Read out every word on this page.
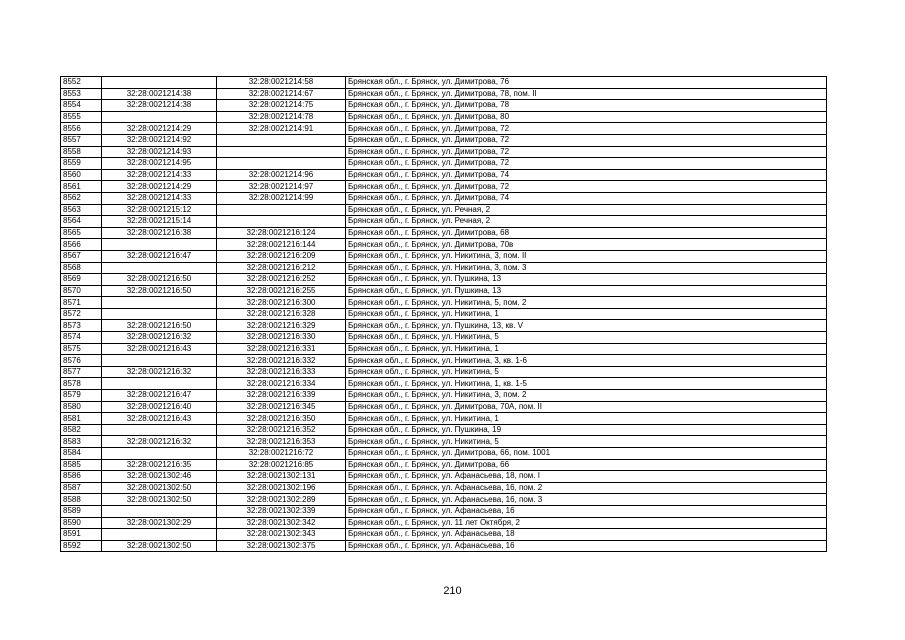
8552		32:28:0021214:58	Брянская обл., г. Брянск, ул. Димитрова, 76
8553	32:28:0021214:38	32:28:0021214:67	Брянская обл., г. Брянск, ул. Димитрова, 78, пом. II
8554	32:28:0021214:38	32:28:0021214:75	Брянская обл., г. Брянск, ул. Димитрова, 78
8555		32:28:0021214:78	Брянская обл., г. Брянск, ул. Димитрова, 80
8556	32:28:0021214:29	32:28:0021214:91	Брянская обл., г. Брянск, ул. Димитрова, 72
8557	32:28:0021214:92		Брянская обл., г. Брянск, ул. Димитрова, 72
8558	32:28:0021214:93		Брянская обл., г. Брянск, ул. Димитрова, 72
8559	32:28:0021214:95		Брянская обл., г. Брянск, ул. Димитрова, 72
8560	32:28:0021214:33	32:28:0021214:96	Брянская обл., г. Брянск, ул. Димитрова, 74
8561	32:28:0021214:29	32:28:0021214:97	Брянская обл., г. Брянск, ул. Димитрова, 72
8562	32:28:0021214:33	32:28:0021214:99	Брянская обл., г. Брянск, ул. Димитрова, 74
8563	32:28:0021215:12		Брянская обл., г. Брянск, ул. Речная, 2
8564	32:28:0021215:14		Брянская обл., г. Брянск, ул. Речная, 2
8565	32:28:0021216:38	32:28:0021216:124	Брянская обл., г. Брянск, ул. Димитрова, 68
8566		32:28:0021216:144	Брянская обл., г. Брянск, ул. Димитрова, 70в
8567	32:28:0021216:47	32:28:0021216:209	Брянская обл., г. Брянск, ул. Никитина, 3, пом. II
8568		32:28:0021216:212	Брянская обл., г. Брянск, ул. Никитина, 3, пом. 3
8569	32:28:0021216:50	32:28:0021216:252	Брянская обл., г. Брянск, ул. Пушкина, 13
8570	32:28:0021216:50	32:28:0021216:255	Брянская обл., г. Брянск, ул. Пушкина, 13
8571		32:28:0021216:300	Брянская обл., г. Брянск, ул. Никитина, 5, пом. 2
8572		32:28:0021216:328	Брянская обл., г. Брянск, ул. Никитина, 1
8573	32:28:0021216:50	32:28:0021216:329	Брянская обл., г. Брянск, ул. Пушкина, 13, кв. V
8574	32:28:0021216:32	32:28:0021216:330	Брянская обл., г. Брянск, ул. Никитина, 5
8575	32:28:0021216:43	32:28:0021216:331	Брянская обл., г. Брянск, ул. Никитина, 1
8576		32:28:0021216:332	Брянская обл., г. Брянск, ул. Никитина, 3, кв. 1-6
8577	32:28:0021216:32	32:28:0021216:333	Брянская обл., г. Брянск, ул. Никитина, 5
8578		32:28:0021216:334	Брянская обл., г. Брянск, ул. Никитина, 1, кв. 1-5
8579	32:28:0021216:47	32:28:0021216:339	Брянская обл., г. Брянск, ул. Никитина, 3, пом. 2
8580	32:28:0021216:40	32:28:0021216:345	Брянская обл., г. Брянск, ул. Димитрова, 70А, пом. II
8581	32:28:0021216:43	32:28:0021216:350	Брянская обл., г. Брянск, ул. Никитина, 1
8582		32:28:0021216:352	Брянская обл., г. Брянск, ул. Пушкина, 19
8583	32:28:0021216:32	32:28:0021216:353	Брянская обл., г. Брянск, ул. Никитина, 5
8584		32:28:0021216:72	Брянская обл., г. Брянск, ул. Димитрова, 66, пом. 1001
8585	32:28:0021216:35	32:28:0021216:85	Брянская обл., г. Брянск, ул. Димитрова, 66
8586	32:28:0021302:46	32:28:0021302:131	Брянская обл., г. Брянск, ул. Афанасьева, 18, пом. I
8587	32:28:0021302:50	32:28:0021302:196	Брянская обл., г. Брянск, ул. Афанасьева, 16, пом. 2
8588	32:28:0021302:50	32:28:0021302:289	Брянская обл., г. Брянск, ул. Афанасьева, 16, пом. 3
8589		32:28:0021302:339	Брянская обл., г. Брянск, ул. Афанасьева, 16
8590	32:28:0021302:29	32:28:0021302:342	Брянская обл., г. Брянск, ул. 11 лет Октября, 2
8591		32:28:0021302:343	Брянская обл., г. Брянск, ул. Афанасьева, 18
8592	32:28:0021302:50	32:28:0021302:375	Брянская обл., г. Брянск, ул. Афанасьева, 16
210
